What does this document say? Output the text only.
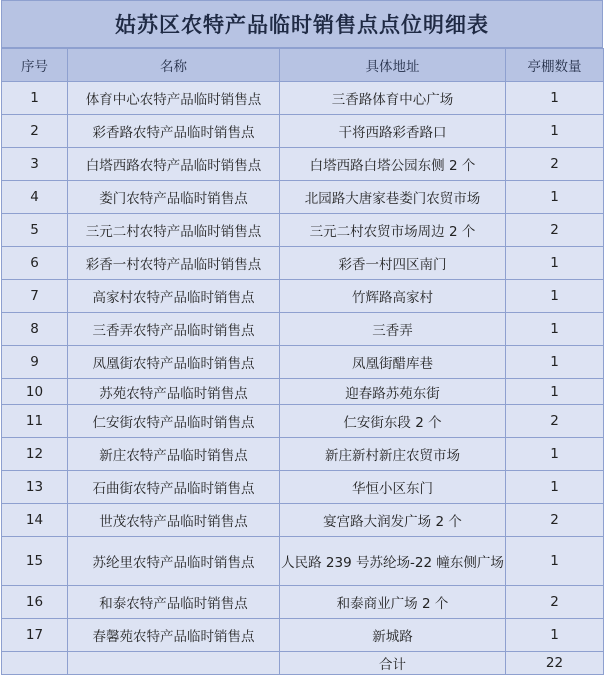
姑苏区农特产品临时销售点点位明细表
序号	名称	具体地址	亭棚数量
1	体育中心农特产品临时销售点	三香路体育中心广场	1
2	彩香路农特产品临时销售点	干将西路彩香路口	1
3	白塔西路农特产品临时销售点	白塔西路白塔公园东侧 2 个	2
4	娄门农特产品临时销售点	北园路大唐家巷娄门农贸市场	1
5	三元二村农特产品临时销售点	三元二村农贸市场周边 2 个	2
6	彩香一村农特产品临时销售点	彩香一村四区南门	1
7	高家村农特产品临时销售点	竹辉路高家村	1
8	三香弄农特产品临时销售点	三香弄	1
9	凤凰街农特产品临时销售点	凤凰街醋库巷	1
10	苏苑农特产品临时销售点	迎春路苏苑东街	1
11	仁安街农特产品临时销售点	仁安街东段 2 个	2
12	新庄农特产品临时销售点	新庄新村新庄农贸市场	1
13	石曲街农特产品临时销售点	华恒小区东门	1
14	世茂农特产品临时销售点	宴宫路大润发广场 2 个	2
15	苏纶里农特产品临时销售点	人民路 239 号苏纶场-22 幢东侧广场	1
16	和泰农特产品临时销售点	和泰商业广场 2 个	2
17	春馨苑农特产品临时销售点	新城路	1
		合计	22
